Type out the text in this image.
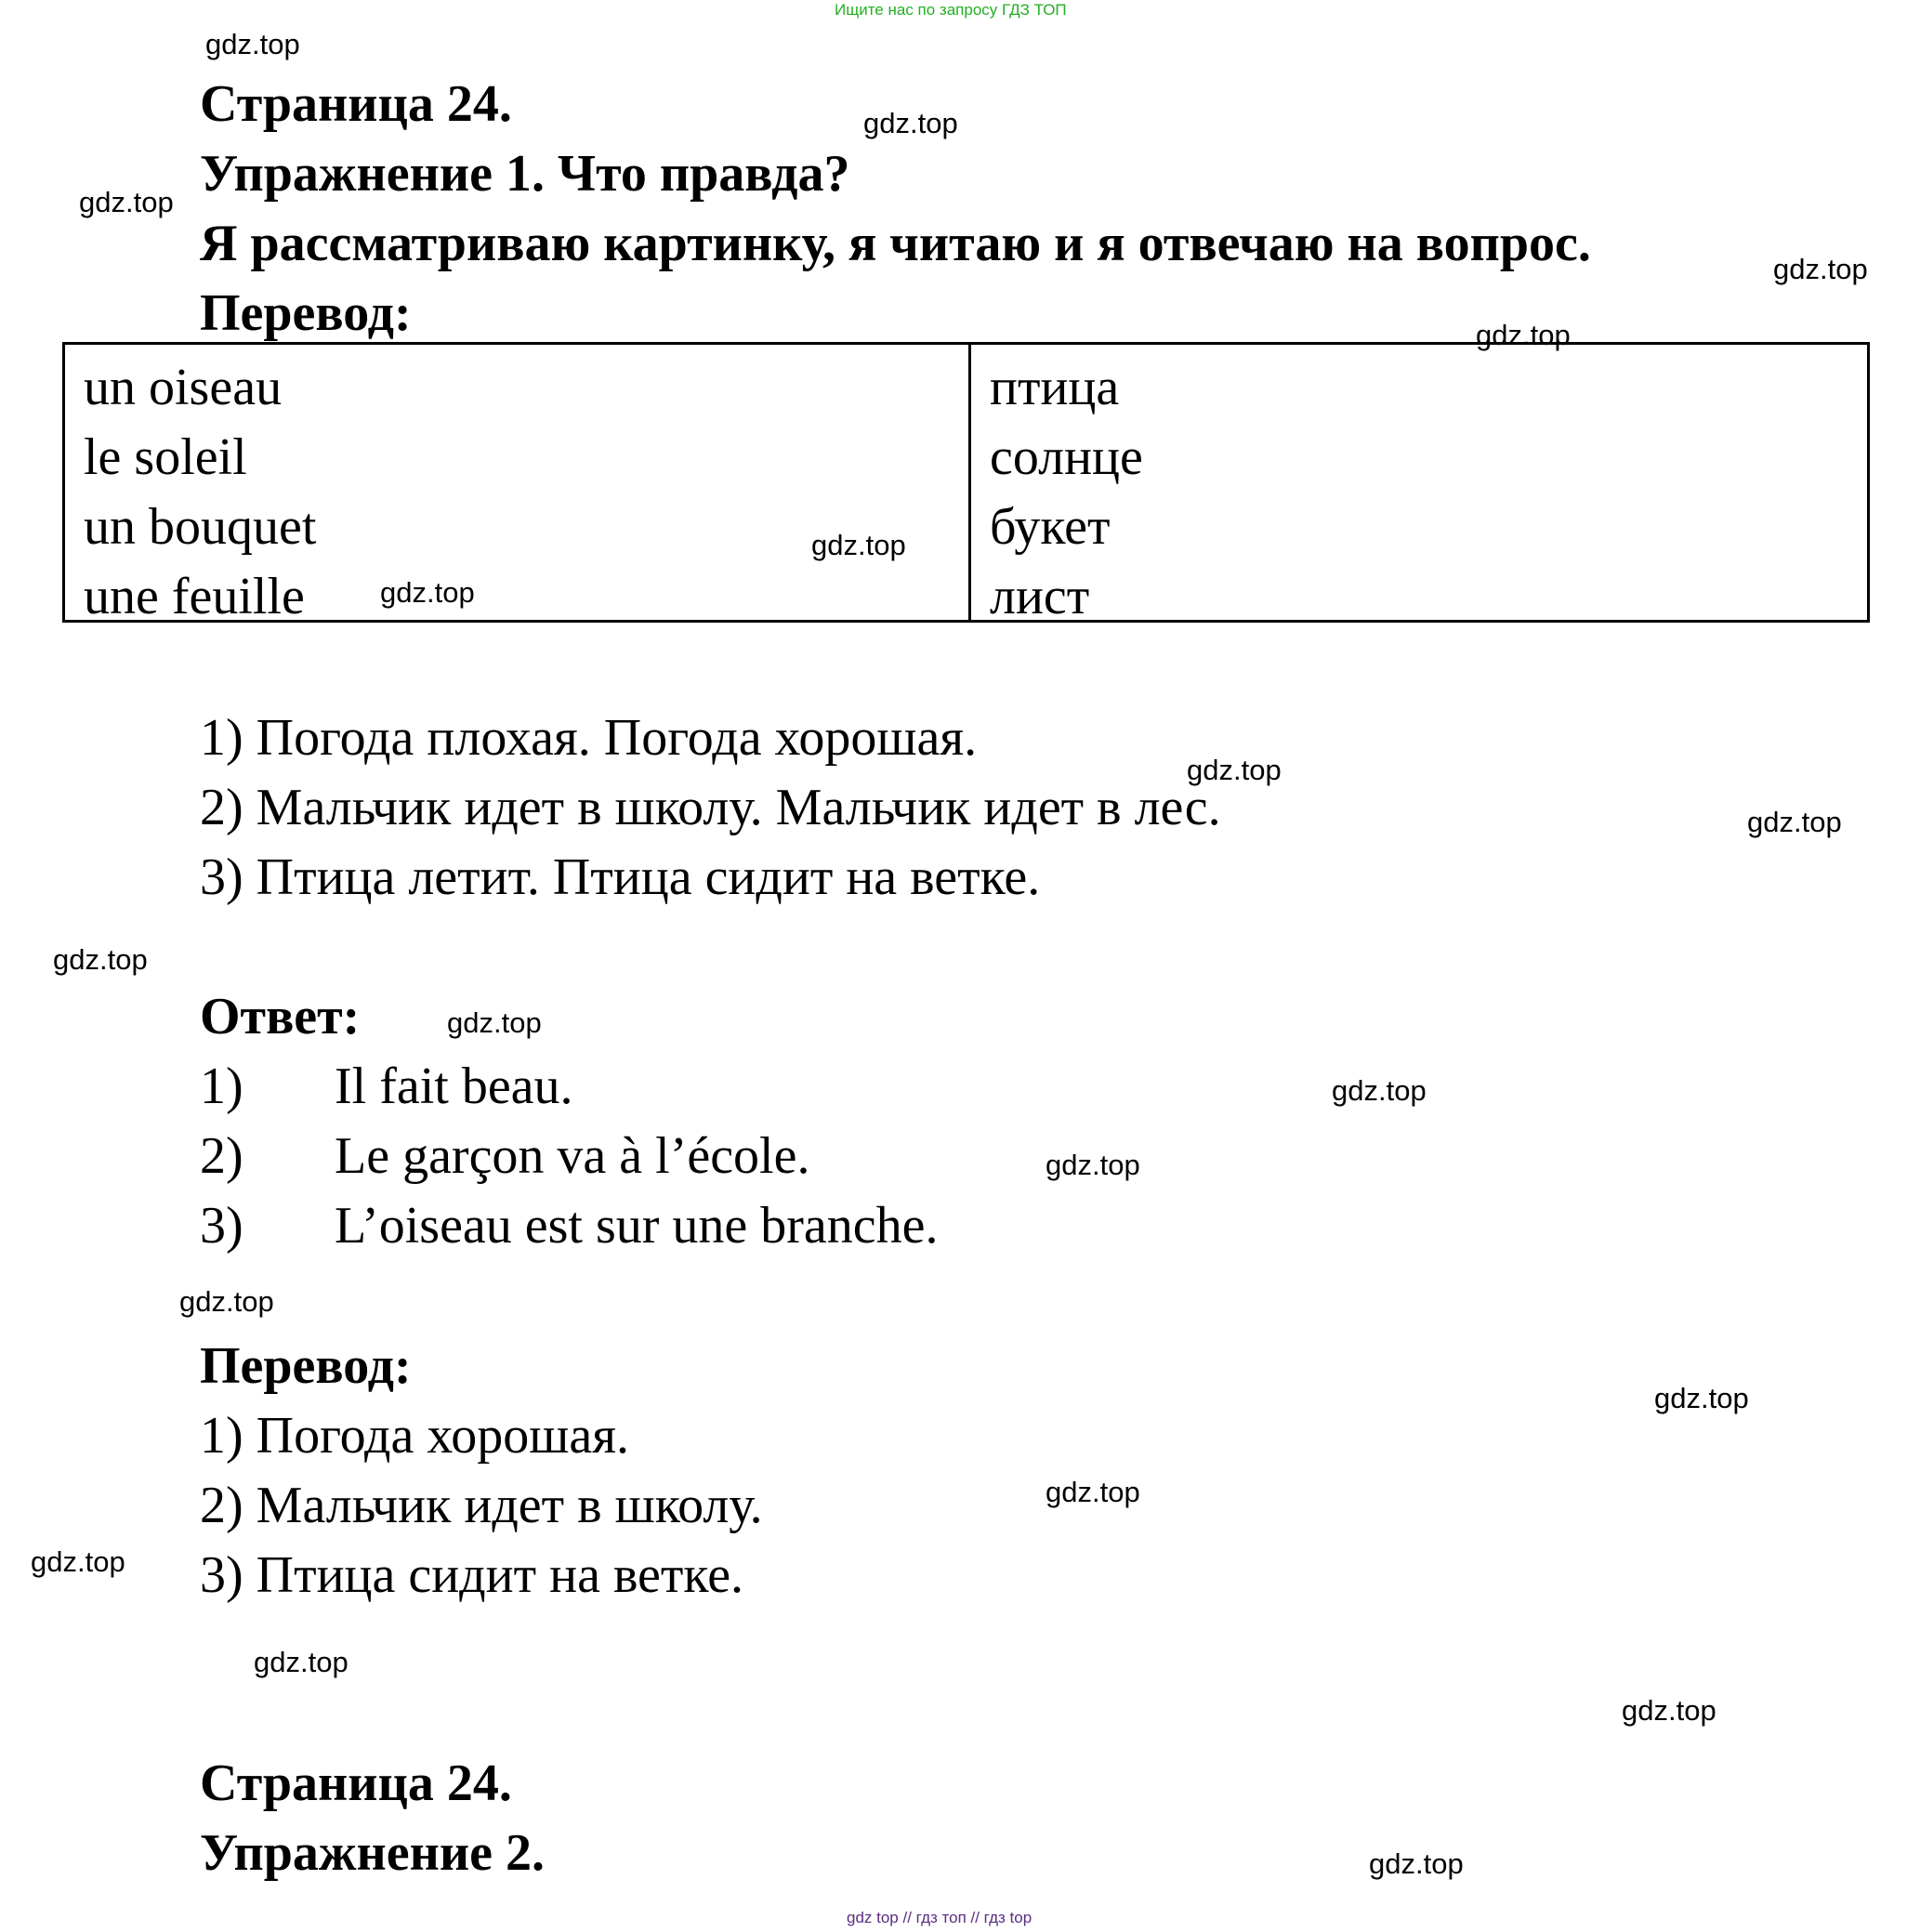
Ищите нас по запросу ГДЗ ТОП
Страница 24.
Упражнение 1. Что правда?
Я рассматриваю картинку, я читаю и я отвечаю на вопрос.
Перевод:
un oiseau
le soleil
un bouquet
une feuille
птица
солнце
букет
лист
1) Погода плохая. Погода хорошая.
2) Мальчик идет в школу. Мальчик идет в лес.
3) Птица летит. Птица сидит на ветке.
Ответ:
1) Il fait beau.
2) Le garçon va à l’école.
3) L’oiseau est sur une branche.
Перевод:
1) Погода хорошая.
2) Мальчик идет в школу.
3) Птица сидит на ветке.
Страница 24.
Упражнение 2.
gdz.top
gdz.top
gdz.top
gdz.top
gdz.top
gdz.top
gdz.top
gdz.top
gdz.top
gdz.top
gdz.top
gdz.top
gdz.top
gdz.top
gdz.top
gdz.top
gdz.top
gdz.top
gdz.top
gdz.top
gdz top // гдз топ // гдз top
